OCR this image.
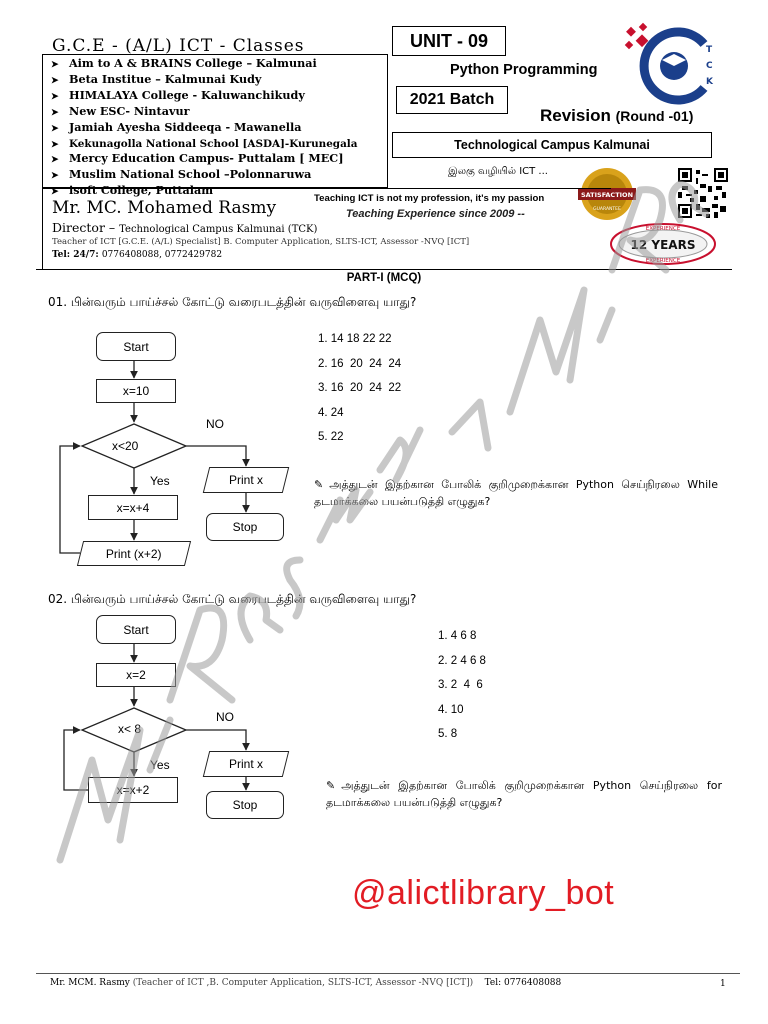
G.C.E - (A/L) ICT - Classes
➤ Aim to A & BRAINS College – Kalmunai
➤ Beta Institue – Kalmunai Kudy
➤ HIMALAYA College - Kaluwanchikudy
➤ New ESC- Nintavur
➤ Jamiah Ayesha Siddeeqa - Mawanella
➤ Kekunagolla National School [ASDA]-Kurunegala
➤ Mercy Education Campus- Puttalam [ MEC]
➤ Muslim National School –Polonnaruwa
➤ isoft College, Puttalam
UNIT - 09
Python Programming
2021 Batch
Revision (Round -01)
Technological Campus Kalmunai
இலகு வழியில் ICT ...
T C K
SATISFACTION
GUARANTEE
EXPERIENCE
12 YEARS
EXPERIENCE
Mr. MC. Mohamed Rasmy
Director – Technological Campus Kalmunai (TCK)
Teacher of ICT [G.C.E. (A/L) Specialist] B. Computer Application, SLTS-ICT, Assessor -NVQ [ICT]
Tel: 24/7: 0776408088, 0772429782
Teaching ICT is not my profession, it's my passion
Teaching Experience since 2009 --
PART-I (MCQ)
01. பின்வரும் பாய்ச்சல் கோட்டு வரைபடத்தின் வருவிளைவு யாது?
Start
x=10
x<20
NO
Yes
x=x+4
Print (x+2)
Print x
Stop
1. 14 18 22 22
2. 16  20  24  24
3. 16  20  24  22
4. 24
5. 22
✎ அத்துடன் இதற்கான போலிக் குறிமுறைக்கான Python செய்நிரலை While தடமாக்கலை பயன்படுத்தி எழுதுக?
02. பின்வரும் பாய்ச்சல் கோட்டு வரைபடத்தின் வருவிளைவு யாது?
Start
x=2
x< 8
NO
Yes
x=x+2
Print x
Stop
1. 4 6 8
2. 2 4 6 8
3. 2  4  6
4. 10
5. 8
✎ அத்துடன் இதற்கான போலிக் குறிமுறைக்கான Python செய்நிரலை for தடமாக்கலை பயன்படுத்தி எழுதுக?
@alictlibrary_bot
Mr. MCM. Rasmy (Teacher of ICT ,B. Computer Application, SLTS-ICT, Assessor -NVQ [ICT]) Tel: 0776408088	1
